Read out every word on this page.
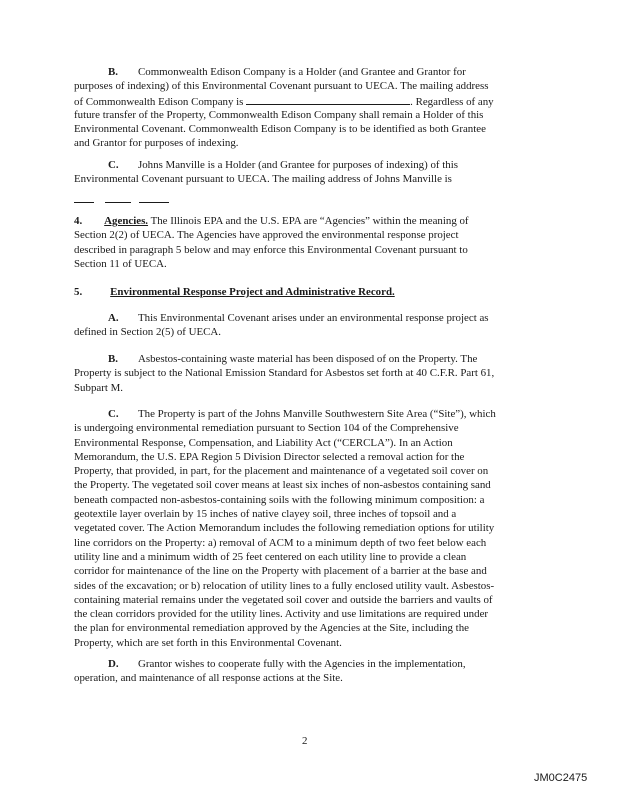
B. Commonwealth Edison Company is a Holder (and Grantee and Grantor for
purposes of indexing) of this Environmental Covenant pursuant to UECA. The mailing address
of Commonwealth Edison Company is	. Regardless of any
future transfer of the Property, Commonwealth Edison Company shall remain a Holder of this
Environmental Covenant. Commonwealth Edison Company is to be identified as both Grantee
and Grantor for purposes of indexing.
C. Johns Manville is a Holder (and Grantee for purposes of indexing) of this
Environmental Covenant pursuant to UECA. The mailing address of Johns Manville is

4. Agencies. The Illinois EPA and the U.S. EPA are “Agencies” within the meaning of
Section 2(2) of UECA. The Agencies have approved the environmental response project
described in paragraph 5 below and may enforce this Environmental Covenant pursuant to
Section 11 of UECA.
5.	Environmental Response Project and Administrative Record.
A. This Environmental Covenant arises under an environmental response project as
defined in Section 2(5) of UECA.
B. Asbestos-containing waste material has been disposed of on the Property. The
Property is subject to the National Emission Standard for Asbestos set forth at 40 C.F.R. Part 61,
Subpart M.
C. The Property is part of the Johns Manville Southwestern Site Area (“Site”), which
is undergoing environmental remediation pursuant to Section 104 of the Comprehensive
Environmental Response, Compensation, and Liability Act (“CERCLA”). In an Action
Memorandum, the U.S. EPA Region 5 Division Director selected a removal action for the
Property, that provided, in part, for the placement and maintenance of a vegetated soil cover on
the Property. The vegetated soil cover means at least six inches of non-asbestos containing sand
beneath compacted non-asbestos-containing soils with the following minimum composition: a
geotextile layer overlain by 15 inches of native clayey soil, three inches of topsoil and a
vegetated cover. The Action Memorandum includes the following remediation options for utility
line corridors on the Property: a) removal of ACM to a minimum depth of two feet below each
utility line and a minimum width of 25 feet centered on each utility line to provide a clean
corridor for maintenance of the line on the Property with placement of a barrier at the base and
sides of the excavation; or b) relocation of utility lines to a fully enclosed utility vault. Asbestos-
containing material remains under the vegetated soil cover and outside the barriers and vaults of
the clean corridors provided for the utility lines. Activity and use limitations are required under
the plan for environmental remediation approved by the Agencies at the Site, including the
Property, which are set forth in this Environmental Covenant.
D. Grantor wishes to cooperate fully with the Agencies in the implementation,
operation, and maintenance of all response actions at the Site.
2
JM0C2475
